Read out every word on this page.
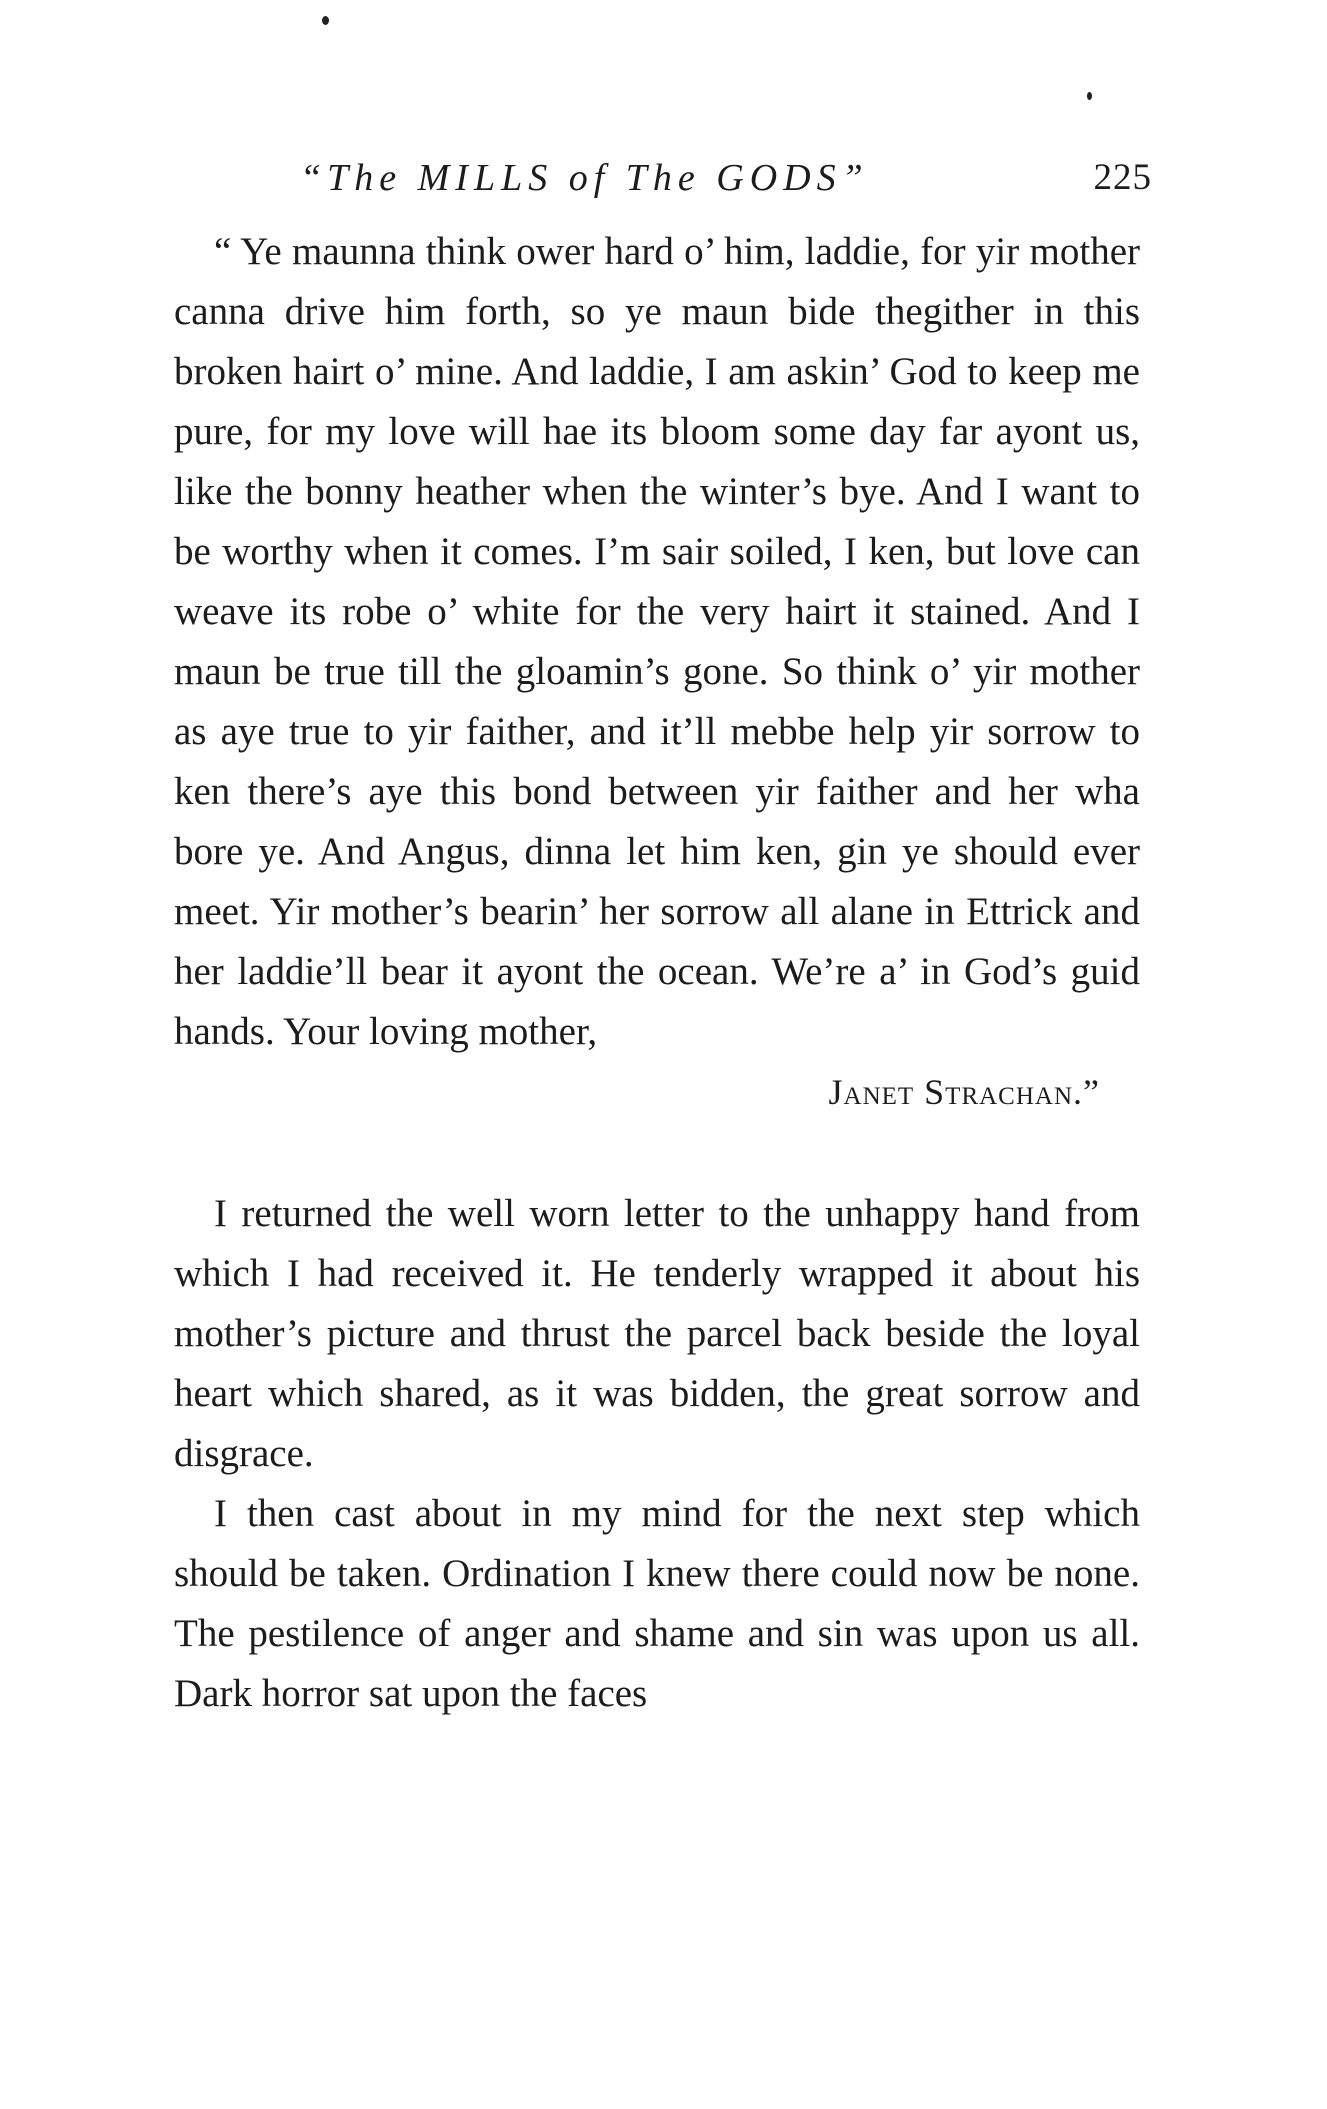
“The MILLS of The GODS”	225

“ Ye maunna think ower hard o’ him, laddie, for yir mother canna drive him forth, so ye maun bide thegither in this broken hairt o’ mine. And laddie, I am askin’ God to keep me pure, for my love will hae its bloom some day far ayont us, like the bonny heather when the winter’s bye. And I want to be worthy when it comes. I’m sair soiled, I ken, but love can weave its robe o’ white for the very hairt it stained. And I maun be true till the gloamin’s gone. So think o’ yir mother as aye true to yir faither, and it’ll mebbe help yir sorrow to ken there’s aye this bond between yir faither and her wha bore ye. And Angus, dinna let him ken, gin ye should ever meet. Yir mother’s bearin’ her sorrow all alane in Ettrick and her laddie’ll bear it ayont the ocean. We’re a’ in God’s guid hands. Your loving mother,

Janet Strachan.”

I returned the well worn letter to the unhappy hand from which I had received it. He tenderly wrapped it about his mother’s picture and thrust the parcel back beside the loyal heart which shared, as it was bidden, the great sorrow and disgrace.

I then cast about in my mind for the next step which should be taken. Ordination I knew there could now be none. The pestilence of anger and shame and sin was upon us all. Dark horror sat upon the faces
